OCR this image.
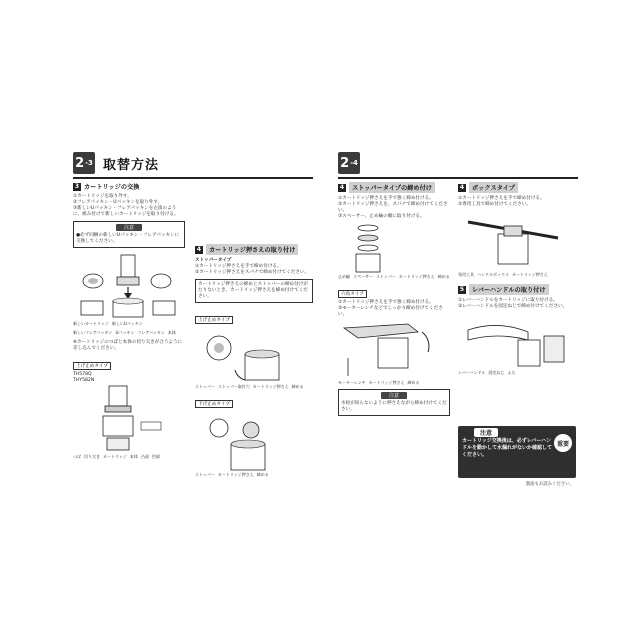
2 -3 取替方法
3 カートリッジの交換
①カートリッジを取り外す。
②フレアパッキン・Uパッキンを取り外す。
③新しいUパッキン・フレアパッキンを左図のように、組み付けて新しいカートリッジを取り付ける。
注意
●必ず同梱の新しいUパッキン・フレアパッキンに交換してください。
新しいカートリッジ 新しいUパッキン
新しいフレアパッキン Uパッキン フレアパッキン 本体
※カートリッジのつばと本体の切り欠きが合うように差し込んでください。
上げ止めタイプ
TH578Q
THY582N
つば 切り欠き カートリッジ 本体 凸部 凹部
4	カートリッジ押さえの取り付け
ストッパータイプ
①カートリッジ押さえを手で締め付ける。
②カートリッジ押さえをスパナで締め付けてください。
カートリッジ押さえの締めとストッパーの締め付けがたりないとき、カートリッジ押さえを締め付けてください。
上げ止めタイプ
ストッパー ストッパー取付穴 カートリッジ押さえ 締める
下げ止めタイプ
ストッパー カートリッジ押さえ 締める
2 -4
4	ストッパータイプの締め付け
①カートリッジ押さえを手で強く締め付ける。
②カートリッジ押さえを、スパナで締め付けてください。
③スペーサー、止め輪の順に取り付ける。
止め輪 スペーサー ストッパー カートリッジ押さえ 締める
六角タイプ
①カートリッジ押さえを手で強く締め付ける。
②モーターレンチなどでしっかり締め付けてください。
モーターレンチ カートリッジ押さえ 締める
注意
水栓が回らないように押さえながら締め付けてください。
4	ボックスタイプ
①カートリッジ押さえを手で締め付ける。
②専用工具で締め付けてください。
専用工具 ハンドルボックス カートリッジ押さえ
5	レバーハンドルの取り付け
①レバーハンドルをカートリッジに取り付ける。
②レバーハンドルを固定ねじで締め付けてください。
レバーハンドル 固定ねじ ふた
注意
カートリッジ交換後は、必ずレバーハンドルを動かして水漏れがないか確認してください。
重要
裏面もお読みください。
